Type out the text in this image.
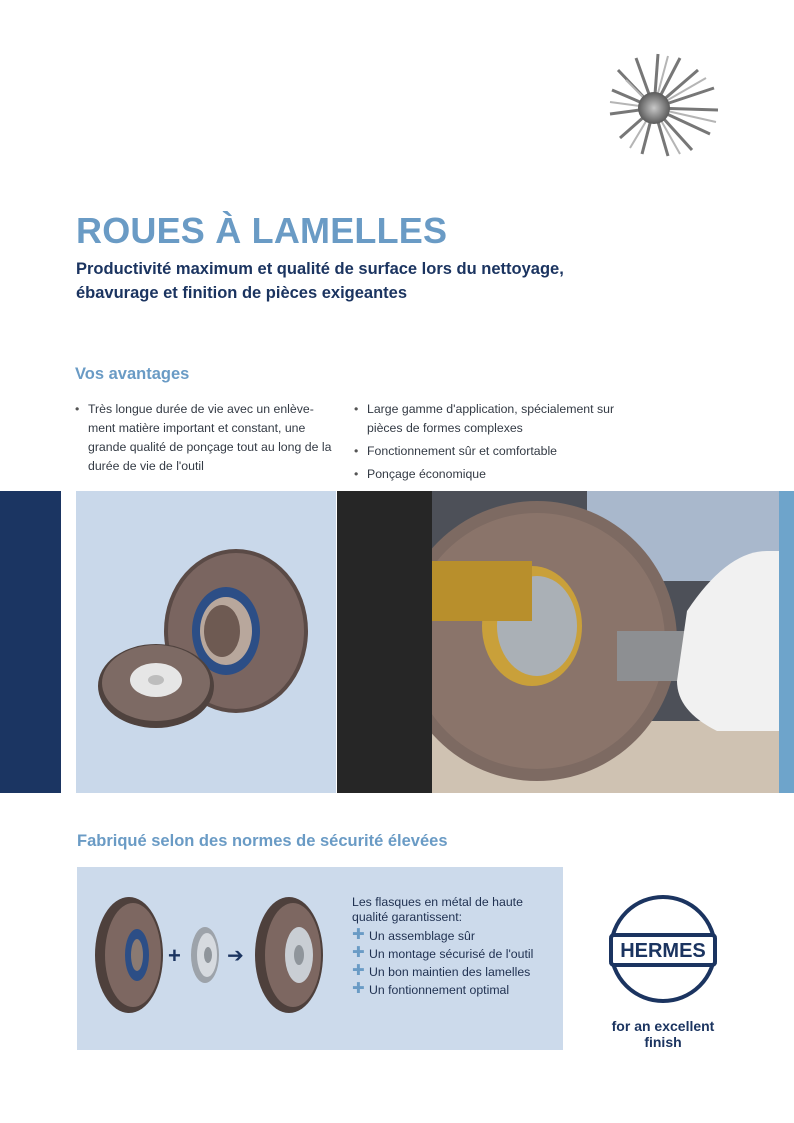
ROUES À LAMELLES
Productivité maximum et qualité de surface lors du nettoyage, ébavurage et finition de pièces exigeantes
Vos avantages
• Très longue durée de vie avec un enlève-ment matière important et constant, une grande qualité de ponçage tout au long de la durée de vie de l'outil
• Large gamme d'application, spécialement sur pièces de formes complexes
• Fonctionnement sûr et comfortable
• Ponçage économique
Fabriqué selon des normes de sécurité élevées
+ ➔
Les flasques en métal de haute qualité garantissent:
✚ Un assemblage sûr
✚ Un montage sécurisé de l'outil
✚ Un bon maintien des lamelles
✚ Un fontionnement optimal
HERMES
for an excellent finish
